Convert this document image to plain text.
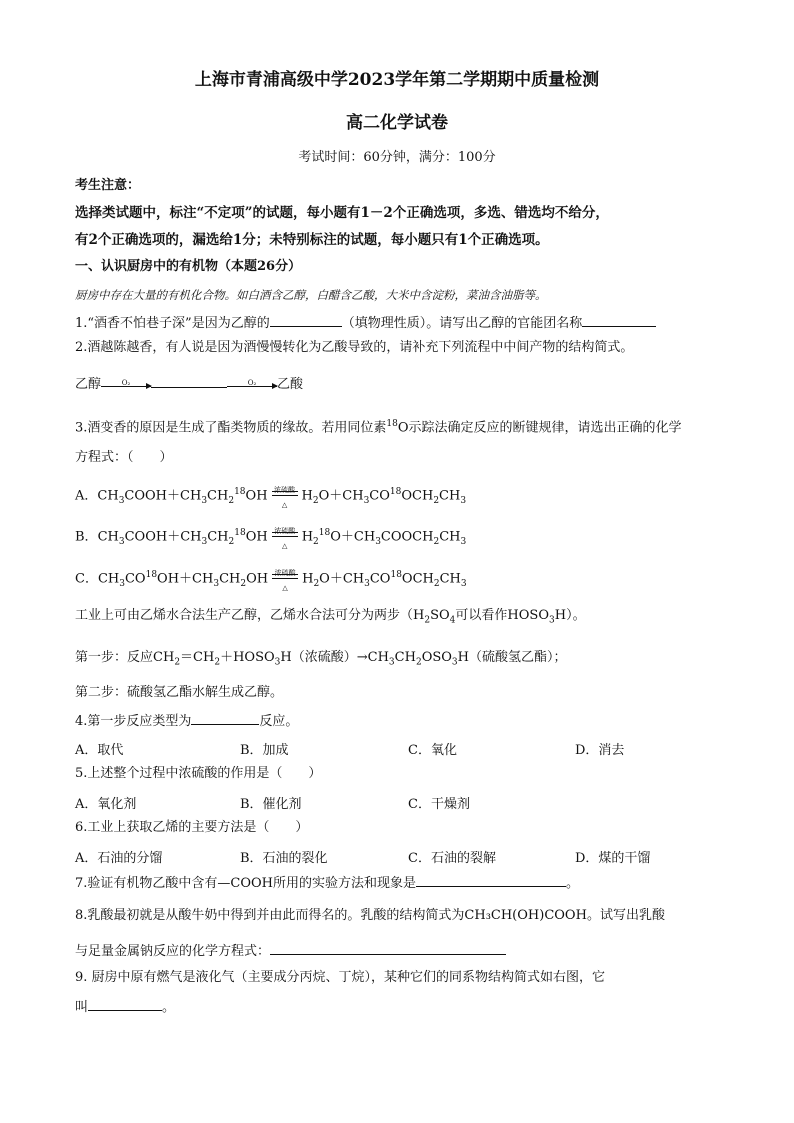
上海市青浦高级中学2023学年第二学期期中质量检测
高二化学试卷
考试时间：60分钟，满分：100分
考生注意：
选择类试题中，标注“不定项”的试题，每小题有1－2个正确选项，多选、错选均不给分，
有2个正确选项的，漏选给1分；未特别标注的试题，每小题只有1个正确选项。
一、认识厨房中的有机物（本题26分）
厨房中存在大量的有机化合物。如白酒含乙醇，白醋含乙酸，大米中含淀粉，菜油含油脂等。
1.“酒香不怕巷子深”是因为乙醇的	（填物理性质）。请写出乙醇的官能团名称
2.酒越陈越香，有人说是因为酒慢慢转化为乙酸导致的，请补充下列流程中中间产物的结构简式。
乙醇	O₂	O₂	乙酸
3.酒变香的原因是生成了酯类物质的缘故。若用同位素$^{18}$O示踪法确定反应的断键规律，请选出正确的化学
方程式：（　　）
A．$CH_3COOH+CH_3CH_2^{18}OH$ 浓硫酸
△
$H_2O+CH_3CO^{18}OCH_2CH_3$
B．$CH_3COOH+CH_3CH_2^{18}OH$ 浓硫酸
△
$H_2^{18}O+CH_3COOCH_2CH_3$
C．$CH_3CO^{18}OH+CH_3CH_2OH$ 浓硫酸
△
$H_2O+CH_3CO^{18}OCH_2CH_3$
工业上可由乙烯水合法生产乙醇，乙烯水合法可分为两步（$H_2SO_4$可以看作$HOSO_3H$）。
第一步：反应$CH_2=CH_2+HOSO_3H$（浓硫酸）$\to CH_3CH_2OSO_3H$（硫酸氢乙酯）；
第二步：硫酸氢乙酯水解生成乙醇。
4.第一步反应类型为	反应。
A．取代	B．加成	C．氧化	D．消去
5.上述整个过程中浓硫酸的作用是（　　）
A．氧化剂	B．催化剂	C．干燥剂
6.工业上获取乙烯的主要方法是（　　）
A．石油的分馏	B．石油的裂化	C．石油的裂解	D．煤的干馏
7.验证有机物乙酸中含有—COOH所用的实验方法和现象是	。
8.乳酸最初就是从酸牛奶中得到并由此而得名的。乳酸的结构简式为CH₃CH(OH)COOH。试写出乳酸
与足量金属钠反应的化学方程式：
9. 厨房中原有燃气是液化气（主要成分丙烷、丁烷），某种它们的同系物结构简式如右图，它
叫	。
